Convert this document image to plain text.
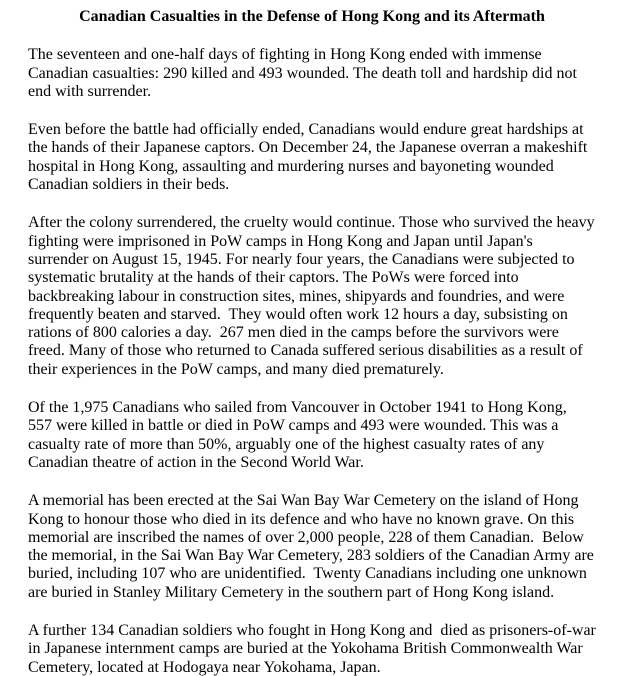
Canadian Casualties in the Defense of Hong Kong and its Aftermath

The seventeen and one-half days of fighting in Hong Kong ended with immense Canadian casualties: 290 killed and 493 wounded. The death toll and hardship did not end with surrender.

Even before the battle had officially ended, Canadians would endure great hardships at the hands of their Japanese captors. On December 24, the Japanese overran a makeshift hospital in Hong Kong, assaulting and murdering nurses and bayoneting wounded Canadian soldiers in their beds.

After the colony surrendered, the cruelty would continue. Those who survived the heavy fighting were imprisoned in PoW camps in Hong Kong and Japan until Japan's surrender on August 15, 1945. For nearly four years, the Canadians were subjected to systematic brutality at the hands of their captors. The PoWs were forced into backbreaking labour in construction sites, mines, shipyards and foundries, and were frequently beaten and starved.  They would often work 12 hours a day, subsisting on rations of 800 calories a day.  267 men died in the camps before the survivors were freed. Many of those who returned to Canada suffered serious disabilities as a result of their experiences in the PoW camps, and many died prematurely.

Of the 1,975 Canadians who sailed from Vancouver in October 1941 to Hong Kong,  557 were killed in battle or died in PoW camps and 493 were wounded. This was a casualty rate of more than 50%, arguably one of the highest casualty rates of any Canadian theatre of action in the Second World War.

A memorial has been erected at the Sai Wan Bay War Cemetery on the island of Hong Kong to honour those who died in its defence and who have no known grave. On this memorial are inscribed the names of over 2,000 people, 228 of them Canadian.  Below the memorial, in the Sai Wan Bay War Cemetery, 283 soldiers of the Canadian Army are buried, including 107 who are unidentified.  Twenty Canadians including one unknown are buried in Stanley Military Cemetery in the southern part of Hong Kong island.

A further 134 Canadian soldiers who fought in Hong Kong and  died as prisoners-of-war in Japanese internment camps are buried at the Yokohama British Commonwealth War Cemetery, located at Hodogaya near Yokohama, Japan.
